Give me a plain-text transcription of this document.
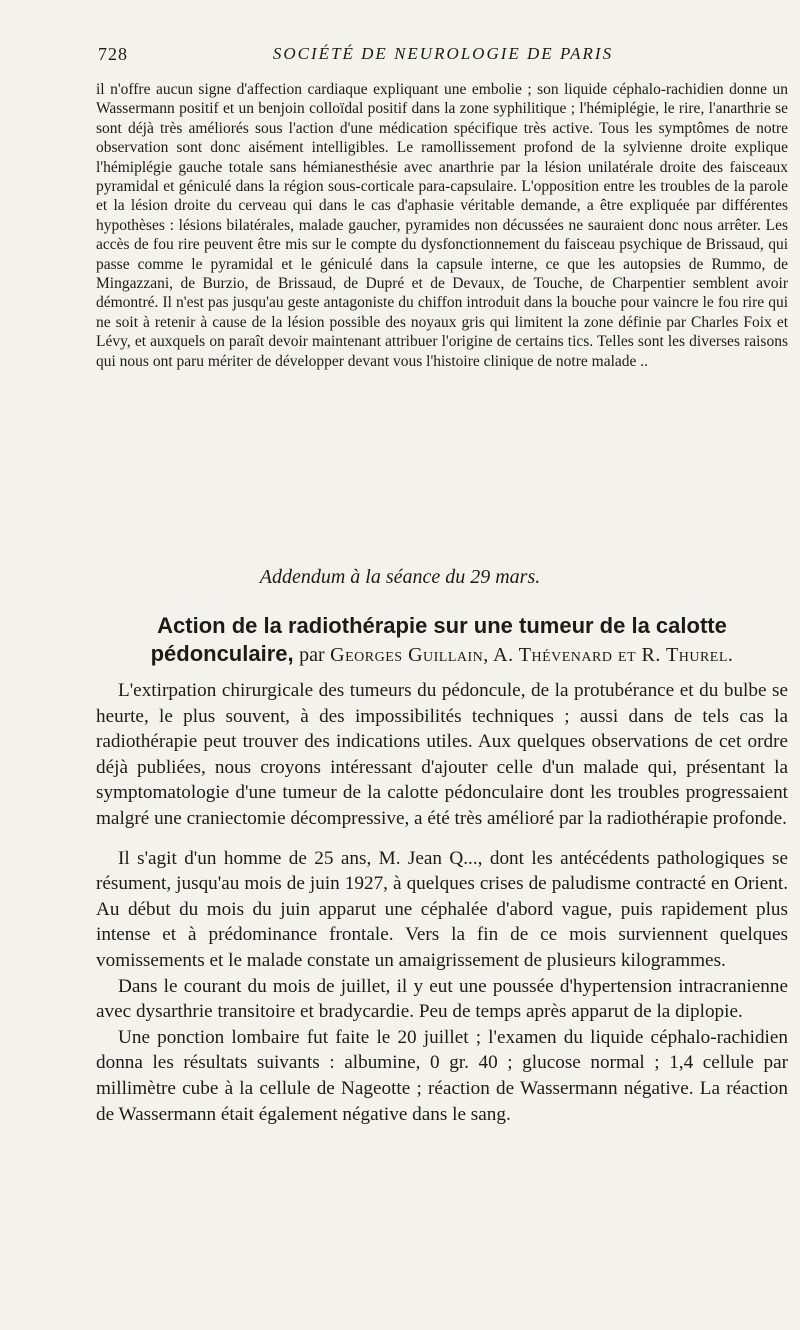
728	SOCIÉTÉ DE NEUROLOGIE DE PARIS

il n'offre aucun signe d'affection cardiaque expliquant une embolie ; son liquide céphalo-rachidien donne un Wassermann positif et un benjoin colloïdal positif dans la zone syphilitique ; l'hémiplégie, le rire, l'anarthrie se sont déjà très améliorés sous l'action d'une médication spécifique très active. Tous les symptômes de notre observation sont donc aisément intelligibles. Le ramollissement profond de la sylvienne droite explique l'hémiplégie gauche totale sans hémianesthésie avec anarthrie par la lésion unilatérale droite des faisceaux pyramidal et géniculé dans la région sous-corticale para-capsulaire. L'opposition entre les troubles de la parole et la lésion droite du cerveau qui dans le cas d'aphasie véritable demande, a être expliquée par différentes hypothèses : lésions bilatérales, malade gaucher, pyramides non décussées ne sauraient donc nous arrêter. Les accès de fou rire peuvent être mis sur le compte du dysfonctionnement du faisceau psychique de Brissaud, qui passe comme le pyramidal et le géniculé dans la capsule interne, ce que les autopsies de Rummo, de Mingazzani, de Burzio, de Brissaud, de Dupré et de Devaux, de Touche, de Charpentier semblent avoir démontré. Il n'est pas jusqu'au geste antagoniste du chiffon introduit dans la bouche pour vaincre le fou rire qui ne soit à retenir à cause de la lésion possible des noyaux gris qui limitent la zone définie par Charles Foix et Lévy, et auxquels on paraît devoir maintenant attribuer l'origine de certains tics. Telles sont les diverses raisons qui nous ont paru mériter de développer devant vous l'histoire clinique de notre malade ..

Addendum à la séance du 29 mars.
Action de la radiothérapie sur une tumeur de la calotte
pédonculaire, par Georges Guillain, A. Thévenard et R. Thurel.

L'extirpation chirurgicale des tumeurs du pédoncule, de la protubérance et du bulbe se heurte, le plus souvent, à des impossibilités techniques ; aussi dans de tels cas la radiothérapie peut trouver des indications utiles. Aux quelques observations de cet ordre déjà publiées, nous croyons intéressant d'ajouter celle d'un malade qui, présentant la symptomatologie d'une tumeur de la calotte pédonculaire dont les troubles progressaient malgré une craniectomie décompressive, a été très amélioré par la radiothérapie profonde.

Il s'agit d'un homme de 25 ans, M. Jean Q..., dont les antécédents pathologiques se résument, jusqu'au mois de juin 1927, à quelques crises de paludisme contracté en Orient. Au début du mois du juin apparut une céphalée d'abord vague, puis rapidement plus intense et à prédominance frontale. Vers la fin de ce mois surviennent quelques vomissements et le malade constate un amaigrissement de plusieurs kilogrammes.

Dans le courant du mois de juillet, il y eut une poussée d'hypertension intracranienne avec dysarthrie transitoire et bradycardie. Peu de temps après apparut de la diplopie.

Une ponction lombaire fut faite le 20 juillet ; l'examen du liquide céphalo-rachidien donna les résultats suivants : albumine, 0 gr. 40 ; glucose normal ; 1,4 cellule par millimètre cube à la cellule de Nageotte ; réaction de Wassermann négative. La réaction de Wassermann était également négative dans le sang.
